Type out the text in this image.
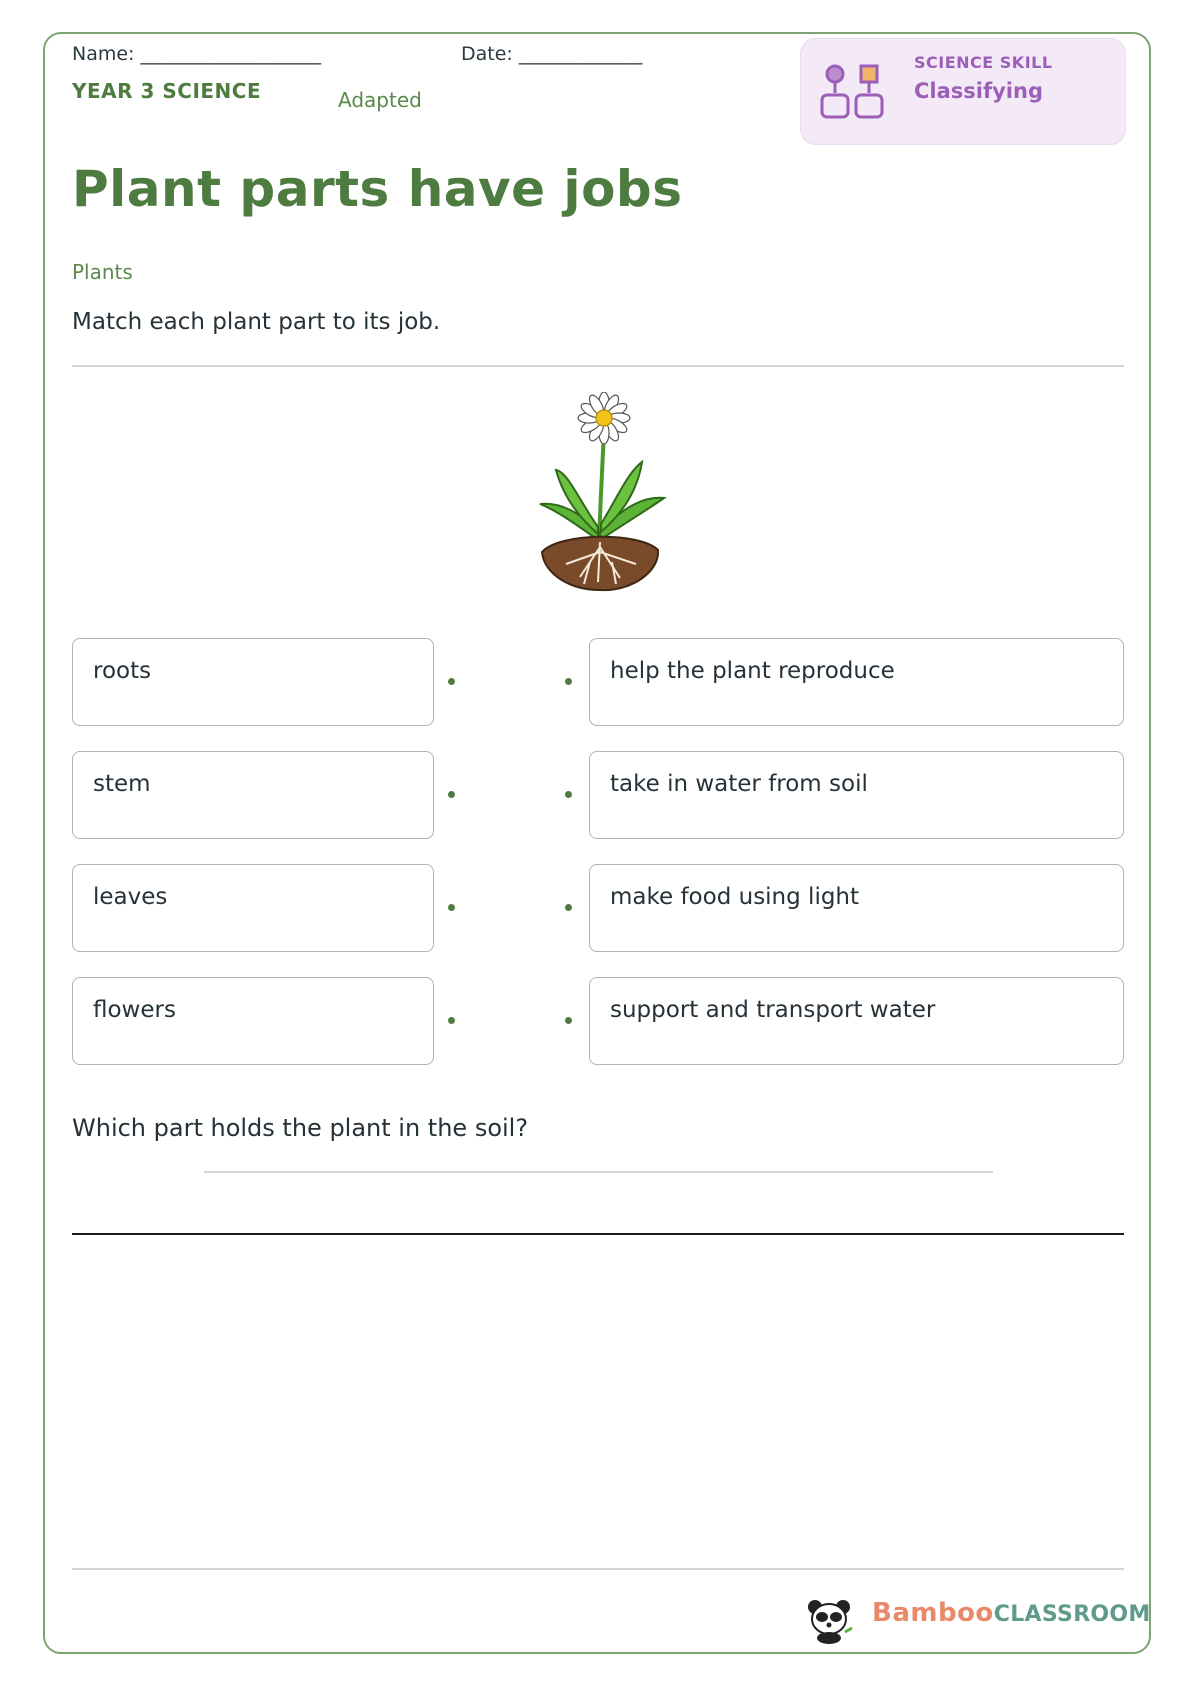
Name: ___________________	Date: _____________
YEAR 3 SCIENCE	Adapted
SCIENCE SKILL
Classifying
Plant parts have jobs
Plants
Match each plant part to its job.
roots	help the plant reproduce
stem	take in water from soil
leaves	make food using light
flowers	support and transport water
Which part holds the plant in the soil?
BambooCLASSROOM
